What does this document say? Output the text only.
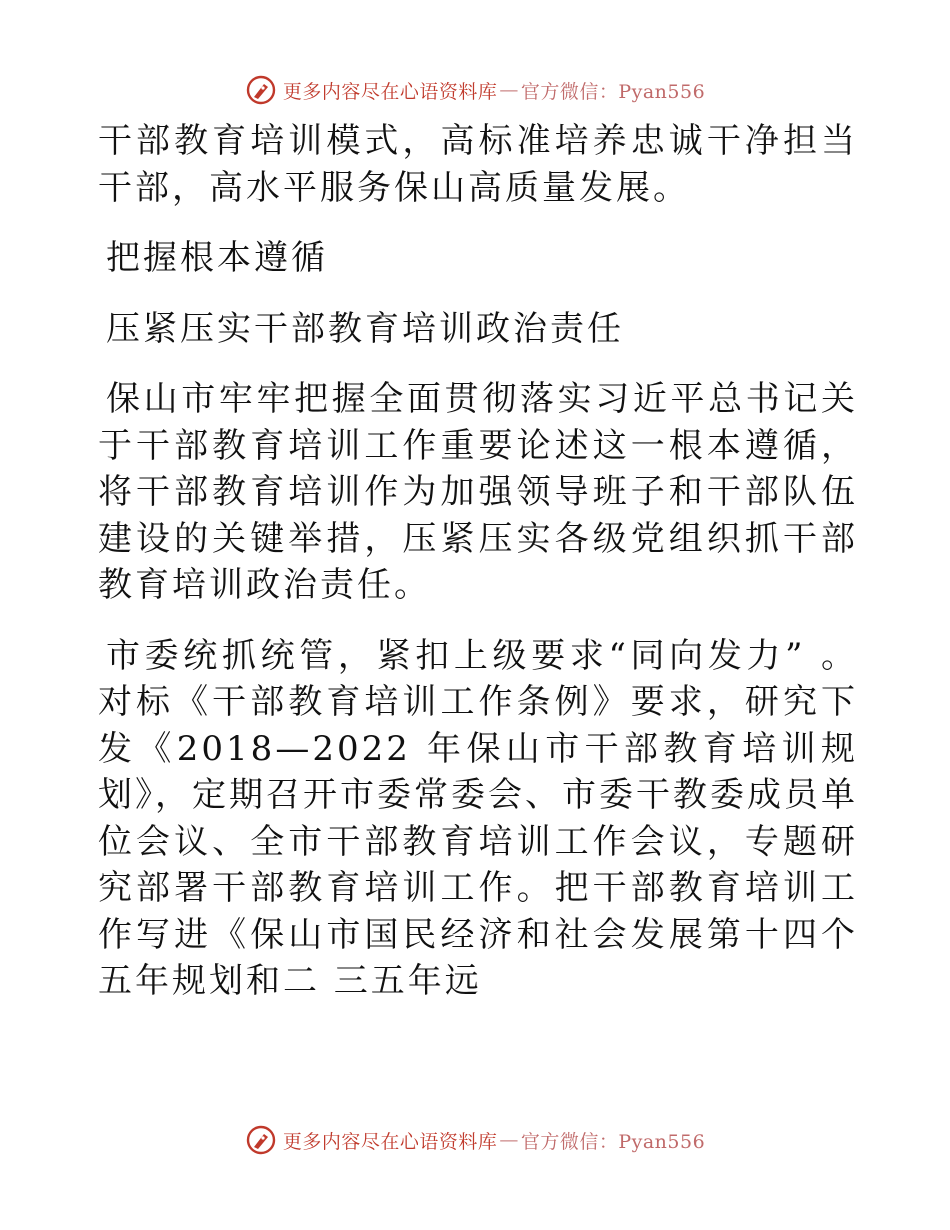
更多内容尽在心语资料库 — 官方微信：Pyan556

干部教育培训模式，高标准培养忠诚干净担当干部，高水平服务保山高质量发展。

把握根本遵循

压紧压实干部教育培训政治责任

保山市牢牢把握全面贯彻落实习近平总书记关于干部教育培训工作重要论述这一根本遵循，将干部教育培训作为加强领导班子和干部队伍建设的关键举措，压紧压实各级党组织抓干部教育培训政治责任。

市委统抓统管，紧扣上级要求“同向发力” 。对标《干部教育培训工作条例》要求，研究下发《2018—2022 年保山市干部教育培训规划》，定期召开市委常委会、市委干教委成员单位会议、全市干部教育培训工作会议，专题研究部署干部教育培训工作。把干部教育培训工作写进《保山市国民经济和社会发展第十四个五年规划和二 三五年远

更多内容尽在心语资料库 — 官方微信：Pyan556
